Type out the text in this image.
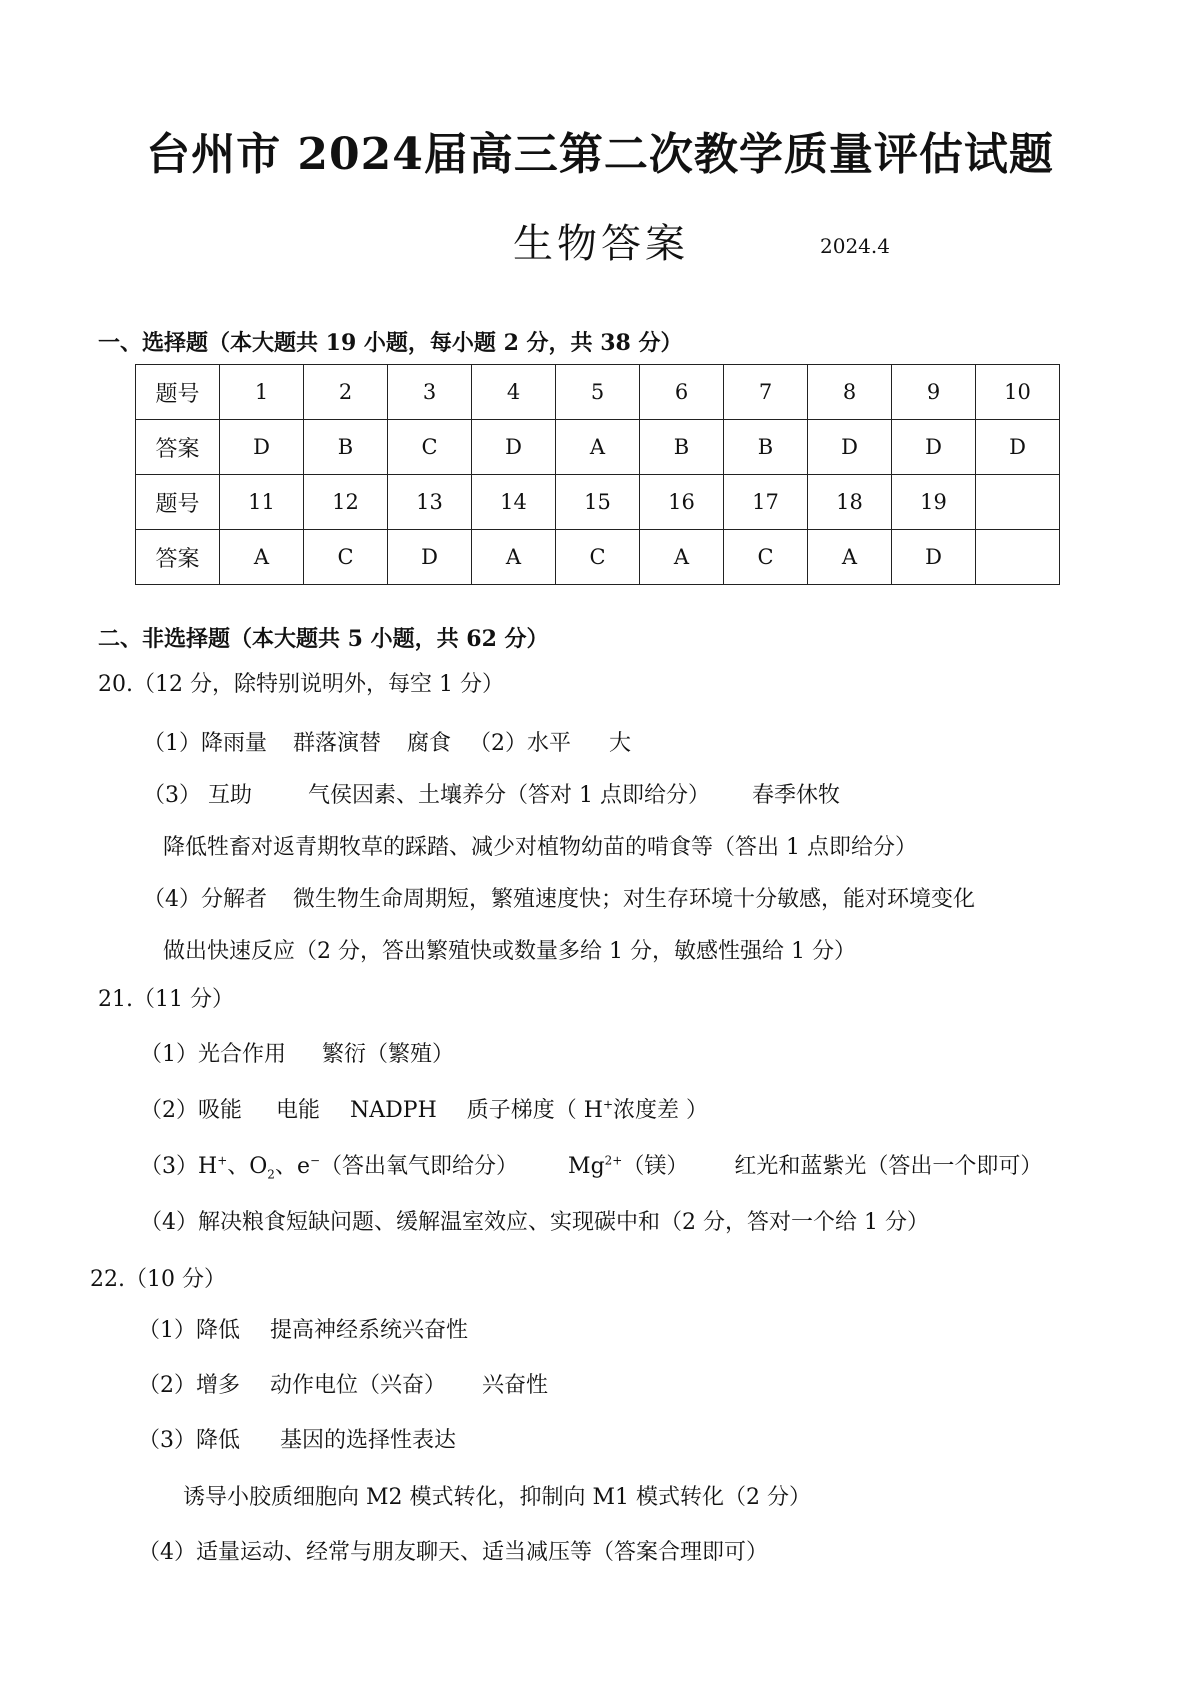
台州市 2024届高三第二次教学质量评估试题
生物答案	2024.4
一、选择题（本大题共 19 小题，每小题 2 分，共 38 分）
题号	1	2	3	4	5	6	7	8	9	10
答案	D	B	C	D	A	B	B	D	D	D
题号	11	12	13	14	15	16	17	18	19	
答案	A	C	D	A	C	A	C	A	D	
二、非选择题（本大题共 5 小题，共 62 分）
20.（12 分，除特别说明外，每空 1 分）
（1）降雨量 群落演替 腐食 （2）水平 大
（3） 互助	气侯因素、土壤养分（答对 1 点即给分） 春季休牧
降低牲畜对返青期牧草的踩踏、减少对植物幼苗的啃食等（答出 1 点即给分）
（4）分解者 微生物生命周期短，繁殖速度快；对生存环境十分敏感，能对环境变化
做出快速反应（2 分，答出繁殖快或数量多给 1 分，敏感性强给 1 分）
21.（11 分）
（1）光合作用 繁衍（繁殖）
（2）吸能 电能 NADPH 质子梯度（ H+浓度差 ）
（3）H+、$O_2$、e−（答出氧气即给分） $Mg^{2+}$（镁） 红光和蓝紫光（答出一个即可）
（4）解决粮食短缺问题、缓解温室效应、实现碳中和（2 分，答对一个给 1 分）
22.（10 分）
（1）降低 提高神经系统兴奋性
（2）增多 动作电位（兴奋） 兴奋性
（3）降低 基因的选择性表达
诱导小胶质细胞向 M2 模式转化，抑制向 M1 模式转化（2 分）
（4）适量运动、经常与朋友聊天、适当减压等（答案合理即可）
